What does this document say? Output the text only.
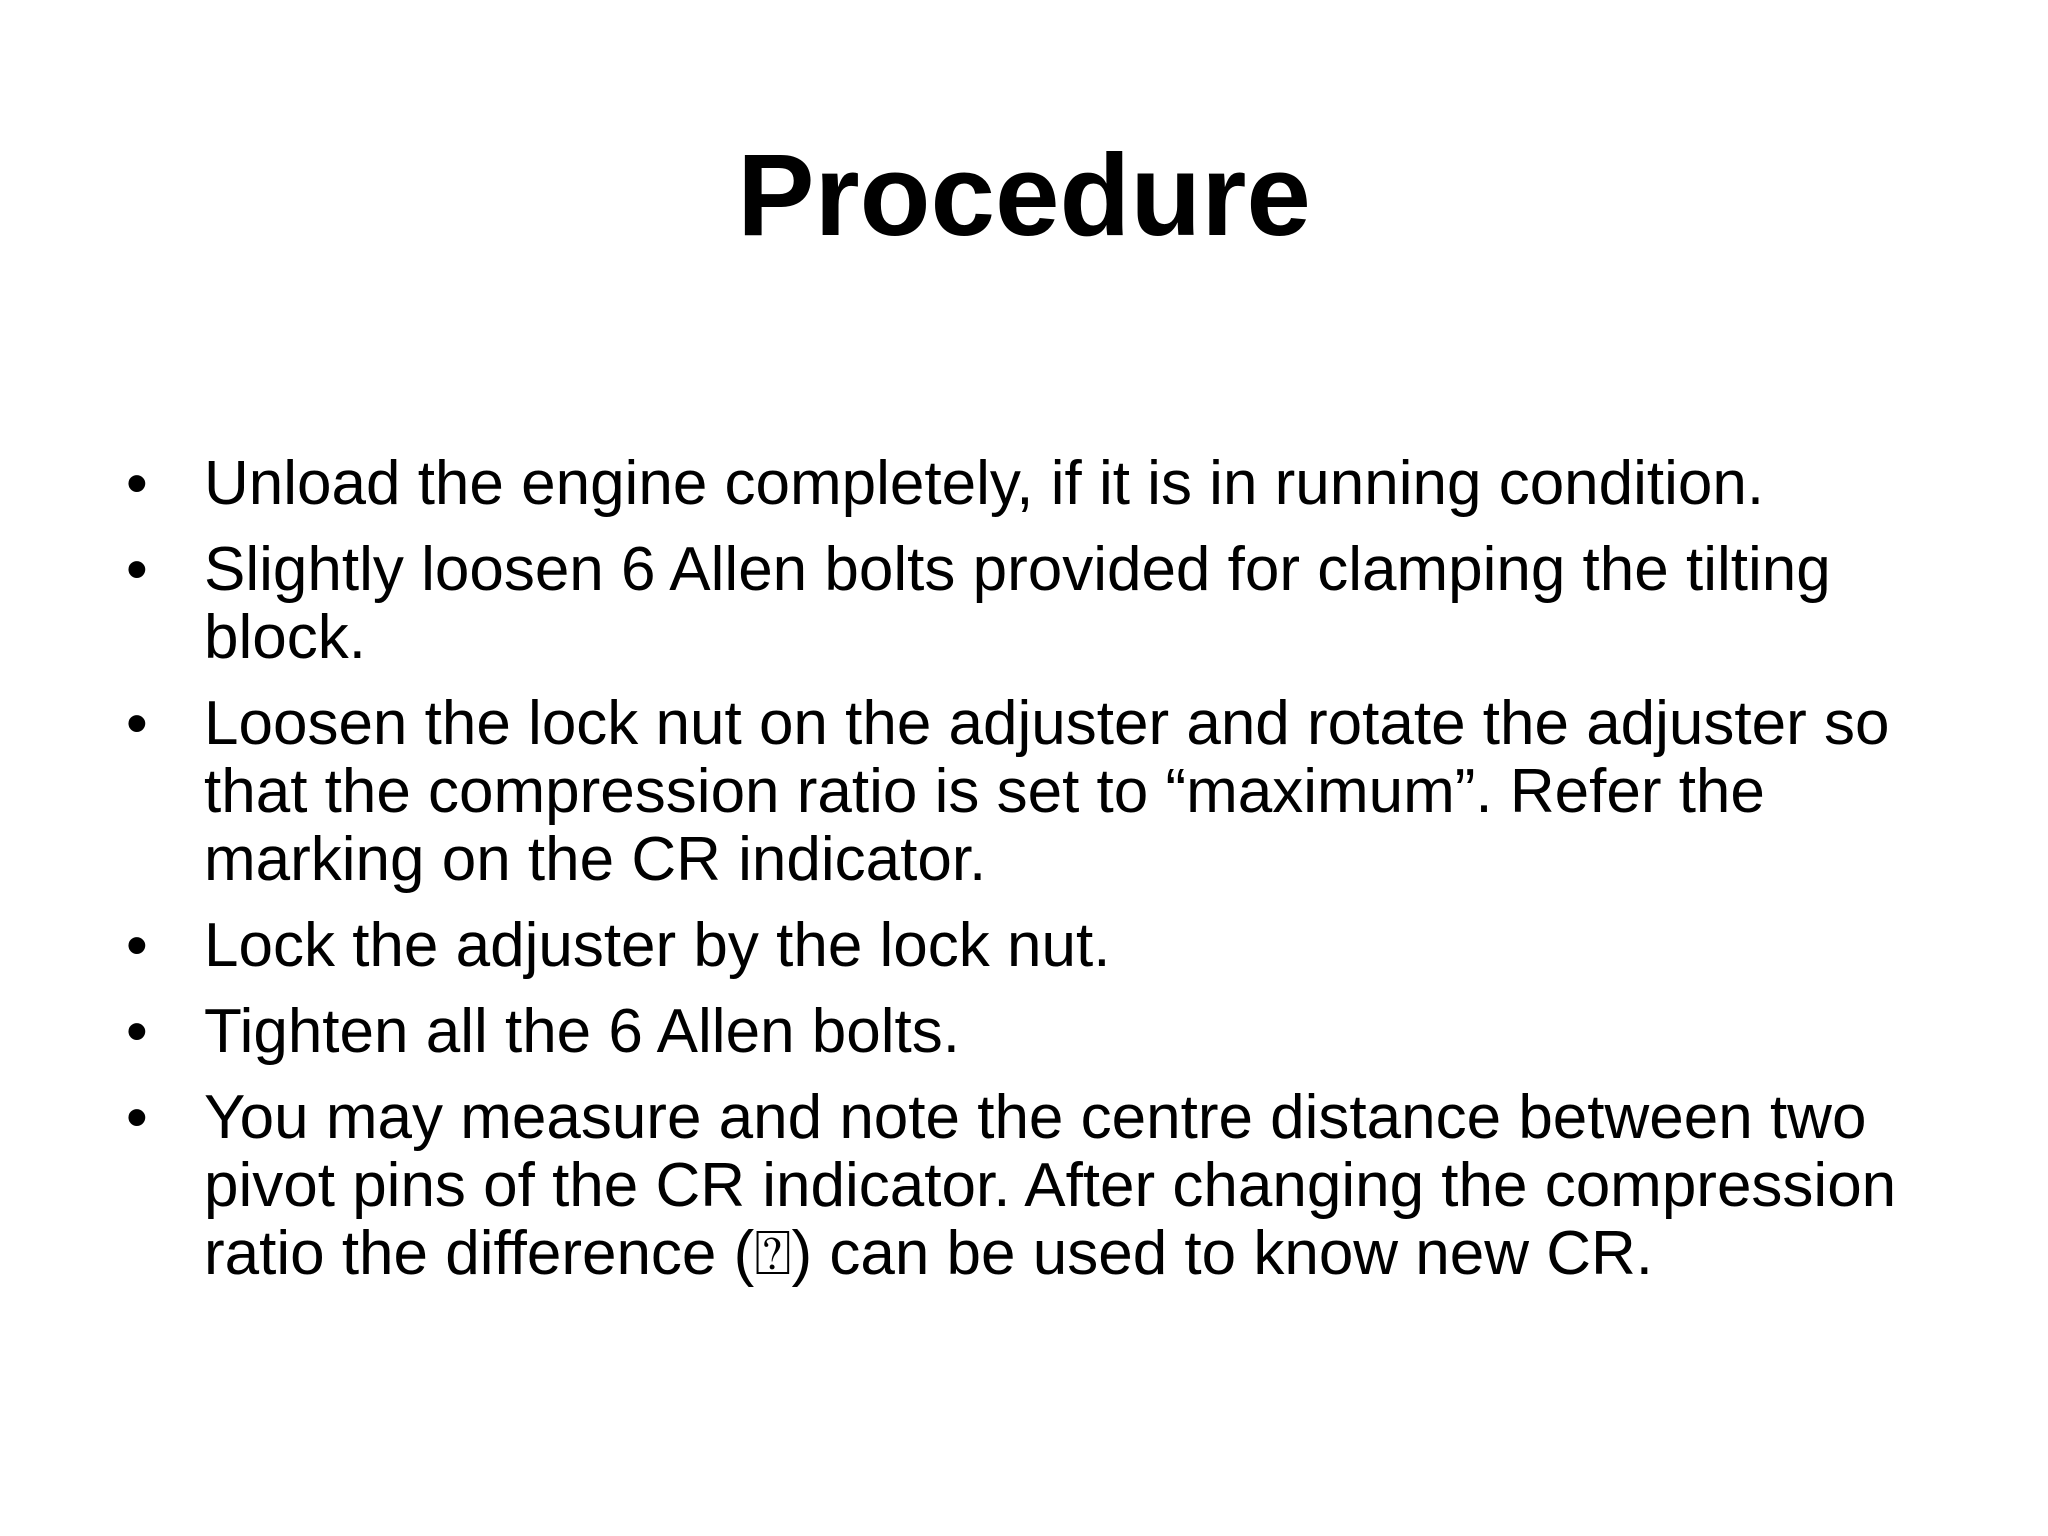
Procedure
• Unload the engine completely, if it is in running condition.
• Slightly loosen 6 Allen bolts provided for clamping the tilting block.
• Loosen the lock nut on the adjuster and rotate the adjuster so that the compression ratio is set to “maximum”. Refer the marking on the CR indicator.
• Lock the adjuster by the lock nut.
• Tighten all the 6 Allen bolts.
• You may measure and note the centre distance between two pivot pins of the CR indicator. After changing the compression ratio the difference (⍰) can be used to know new CR.
